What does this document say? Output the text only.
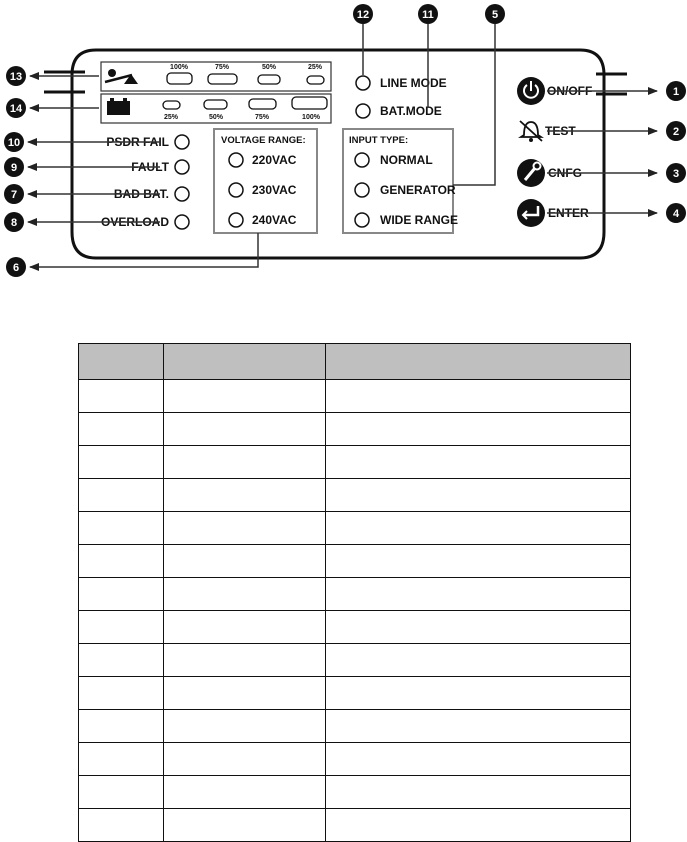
100%	75%	50%	25%
25%	50%	75%	100%
PSDR FAIL
FAULT
BAD BAT.
OVERLOAD
VOLTAGE RANGE:
220VAC
230VAC
240VAC
LINE MODE
BAT.MODE
INPUT TYPE:
NORMAL
GENERATOR
WIDE RANGE
ON/OFF
TEST
CNFG
ENTER
1
2
3
4
5
6
7
8
9
10
11
12
13
14
